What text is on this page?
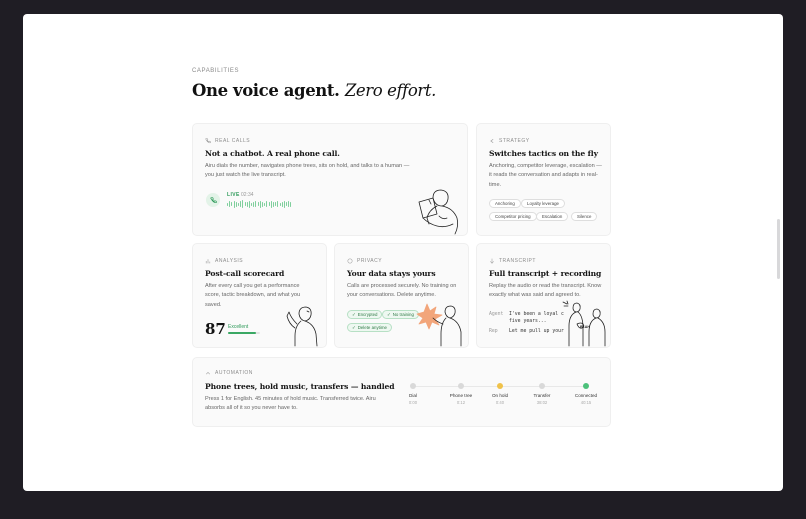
CAPABILITIES
One voice agent. Zero effort.
REAL CALLS
Not a chatbot. A real phone call.
Airu dials the number, navigates phone trees, sits on hold, and talks to a human — you just watch the live transcript.
LIVE 02:34
STRATEGY
Switches tactics on the fly
Anchoring, competitor leverage, escalation — it reads the conversation and adapts in real-time.
Anchoring	Loyalty leverage
Competitor pricing	Escalation	Silence
ANALYSIS
Post-call scorecard
After every call you get a performance score, tactic breakdown, and what you saved.
87 Excellent
PRIVACY
Your data stays yours
Calls are processed securely. No training on your conversations. Delete anytime.
✓ Encrypted ✓ No training
✓ Delete anytime
TRANSCRIPT
Full transcript + recording
Replay the audio or read the transcript. Know exactly what was said and agreed to.
Agent I've been a loyal c
five years...
Rep Let me pull up your
BLAH
AUTOMATION
Phone trees, hold music, transfers — handled
Press 1 for English. 45 minutes of hold music. Transferred twice. Airu absorbs all of it so you never have to.
Dial
0:00
Phone tree
0:12
On hold
0:40
Transfer
38:02
Connected
40:15
